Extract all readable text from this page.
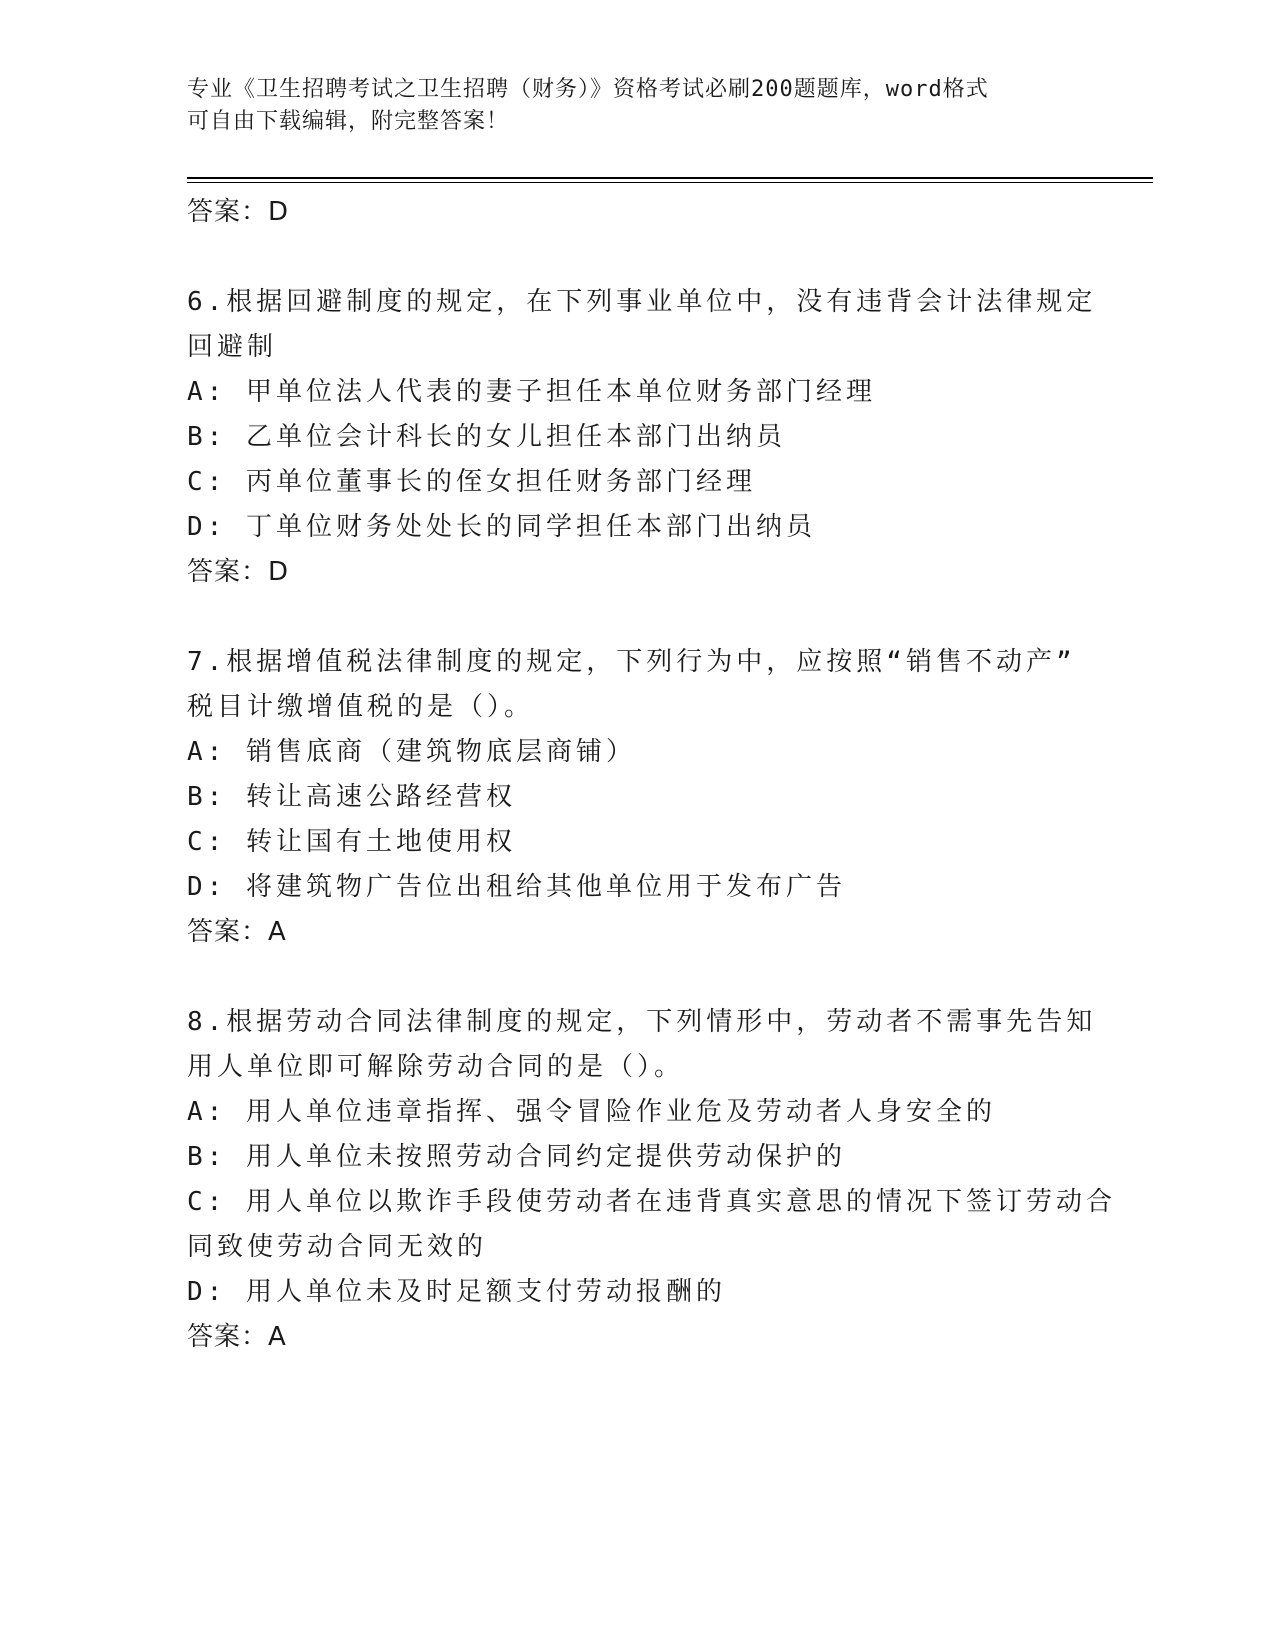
专业《卫生招聘考试之卫生招聘（财务）》资格考试必刷200题题库，word格式
可自由下载编辑，附完整答案！
答案：D
6.根据回避制度的规定，在下列事业单位中，没有违背会计法律规定
回避制
A: 甲单位法人代表的妻子担任本单位财务部门经理
B: 乙单位会计科长的女儿担任本部门出纳员
C: 丙单位董事长的侄女担任财务部门经理
D: 丁单位财务处处长的同学担任本部门出纳员
答案：D
7.根据增值税法律制度的规定，下列行为中，应按照“销售不动产”
税目计缴增值税的是（）。
A: 销售底商（建筑物底层商铺）
B: 转让高速公路经营权
C: 转让国有土地使用权
D: 将建筑物广告位出租给其他单位用于发布广告
答案：A
8.根据劳动合同法律制度的规定，下列情形中，劳动者不需事先告知
用人单位即可解除劳动合同的是（）。
A: 用人单位违章指挥、强令冒险作业危及劳动者人身安全的
B: 用人单位未按照劳动合同约定提供劳动保护的
C: 用人单位以欺诈手段使劳动者在违背真实意思的情况下签订劳动合
同致使劳动合同无效的
D: 用人单位未及时足额支付劳动报酬的
答案：A
